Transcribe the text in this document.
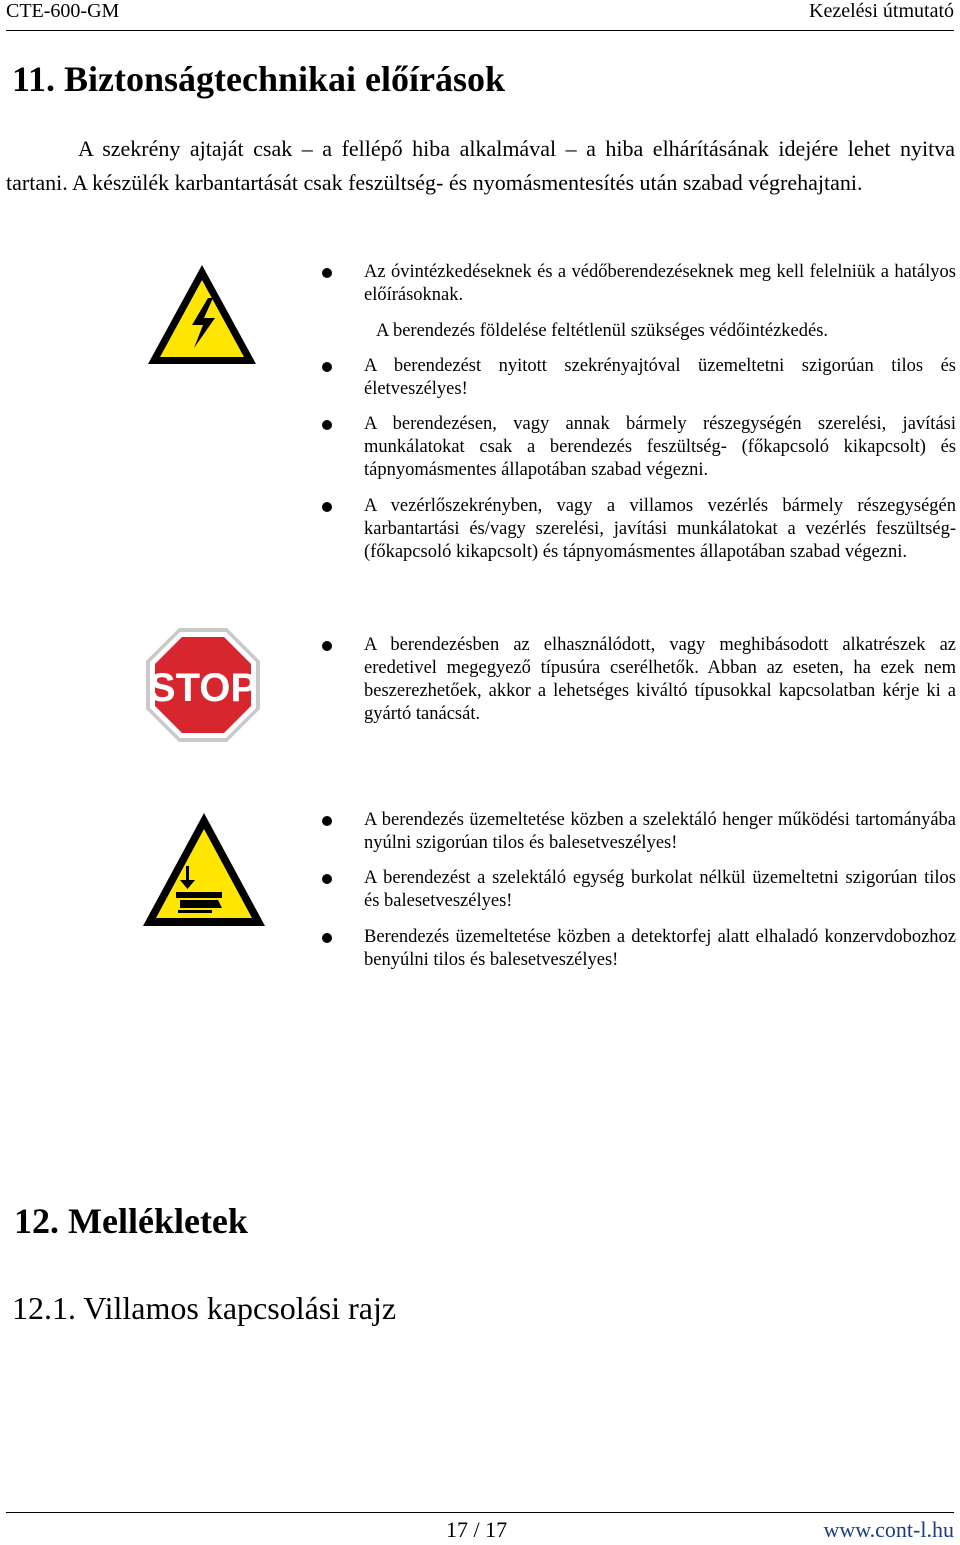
CTE-600-GM	Kezelési útmutató
11. Biztonságtechnikai előírások
A szekrény ajtaját csak – a fellépő hiba alkalmával – a hiba elhárításának idejére lehet nyitva tartani. A készülék karbantartását csak feszültség- és nyomásmentesítés után szabad végrehajtani.
Az óvintézkedéseknek és a védőberendezéseknek meg kell felelniük a hatályos előírásoknak.
A berendezés földelése feltétlenül szükséges védőintézkedés.
A berendezést nyitott szekrényajtóval üzemeltetni szigorúan tilos és életveszélyes!
A berendezésen, vagy annak bármely részegységén szerelési, javítási munkálatokat csak a berendezés feszültség- (főkapcsoló kikapcsolt) és tápnyomásmentes állapotában szabad végezni.
A vezérlőszekrényben, vagy a villamos vezérlés bármely részegységén karbantartási és/vagy szerelési, javítási munkálatokat a vezérlés feszültség- (főkapcsoló kikapcsolt) és tápnyomásmentes állapotában szabad végezni.
A berendezésben az elhasználódott, vagy meghibásodott alkatrészek az eredetivel megegyező típusúra cserélhetők. Abban az eseten, ha ezek nem beszerezhetőek, akkor a lehetséges kiváltó típusokkal kapcsolatban kérje ki a gyártó tanácsát.
A berendezés üzemeltetése közben a szelektáló henger működési tartományába nyúlni szigorúan tilos és balesetveszélyes!
A berendezést a szelektáló egység burkolat nélkül üzemeltetni szigorúan tilos és balesetveszélyes!
Berendezés üzemeltetése közben a detektorfej alatt elhaladó konzervdobozhoz benyúlni tilos és balesetveszélyes!
STOP
12. Mellékletek
12.1. Villamos kapcsolási rajz
17 / 17	www.cont-l.hu
